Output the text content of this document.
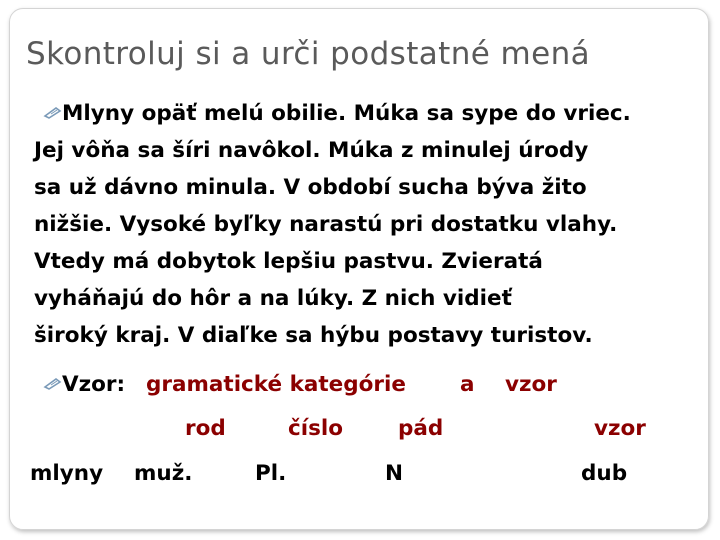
Skontroluj si a urči podstatné mená
Mlyny opäť melú obilie. Múka sa sype do vriec.
Jej vôňa sa šíri navôkol. Múka z minulej úrody
sa už dávno minula. V období sucha býva žito
nižšie. Vysoké byľky narastú pri dostatku vlahy.
Vtedy má dobytok lepšiu pastvu. Zvieratá
vyháňajú do hôr a na lúky. Z nich vidieť
široký kraj. V diaľke sa hýbu postavy turistov.
Vzor: gramatické kategórie	a vzor
rod	číslo	pád	vzor
mlyny muž.	Pl.	N	dub
